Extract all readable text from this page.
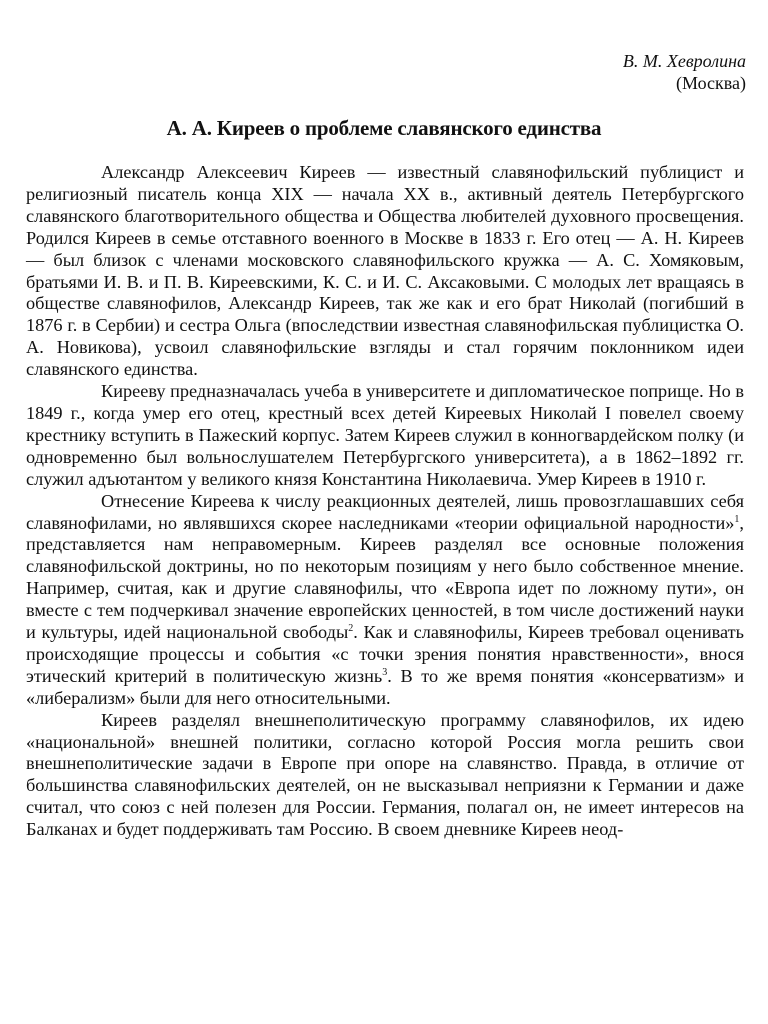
В. М. Хевролина
(Москва)
А. А. Киреев о проблеме славянского единства

Александр Алексеевич Киреев — известный славянофильский публицист и религиозный писатель конца XIX — начала XX в., активный деятель Петербургского славянского благотворительного общества и Общества любителей духовного просвещения. Родился Киреев в семье отставного военного в Москве в 1833 г. Его отец — А. Н. Киреев — был близок с членами московского славянофильского кружка — А. С. Хомяковым, братьями И. В. и П. В. Киреевскими, К. С. и И. С. Аксаковыми. С молодых лет вращаясь в обществе славянофилов, Александр Киреев, так же как и его брат Николай (погибший в 1876 г. в Сербии) и сестра Ольга (впоследствии известная славянофильская публицистка О. А. Новикова), усвоил славянофильские взгляды и стал горячим поклонником идеи славянского единства.

Кирееву предназначалась учеба в университете и дипломатическое поприще. Но в 1849 г., когда умер его отец, крестный всех детей Киреевых Николай I повелел своему крестнику вступить в Пажеский корпус. Затем Киреев служил в конногвардейском полку (и одновременно был вольнослушателем Петербургского университета), а в 1862–1892 гг. служил адъютантом у великого князя Константина Николаевича. Умер Киреев в 1910 г.

Отнесение Киреева к числу реакционных деятелей, лишь провозглашавших себя славянофилами, но являвшихся скорее наследниками «теории официальной народности»$^1$, представляется нам неправомерным. Киреев разделял все основные положения славянофильской доктрины, но по некоторым позициям у него было собственное мнение. Например, считая, как и другие славянофилы, что «Европа идет по ложному пути», он вместе с тем подчеркивал значение европейских ценностей, в том числе достижений науки и культуры, идей национальной свободы$^2$. Как и славянофилы, Киреев требовал оценивать происходящие процессы и события «с точки зрения понятия нравственности», внося этический критерий в политическую жизнь$^3$. В то же время понятия «консерватизм» и «либерализм» были для него относительными.

Киреев разделял внешнеполитическую программу славянофилов, их идею «национальной» внешней политики, согласно которой Россия могла решить свои внешнеполитические задачи в Европе при опоре на славянство. Правда, в отличие от большинства славянофильских деятелей, он не высказывал неприязни к Германии и даже считал, что союз с ней полезен для России. Германия, полагал он, не имеет интересов на Балканах и будет поддерживать там Россию. В своем дневнике Киреев неод-
